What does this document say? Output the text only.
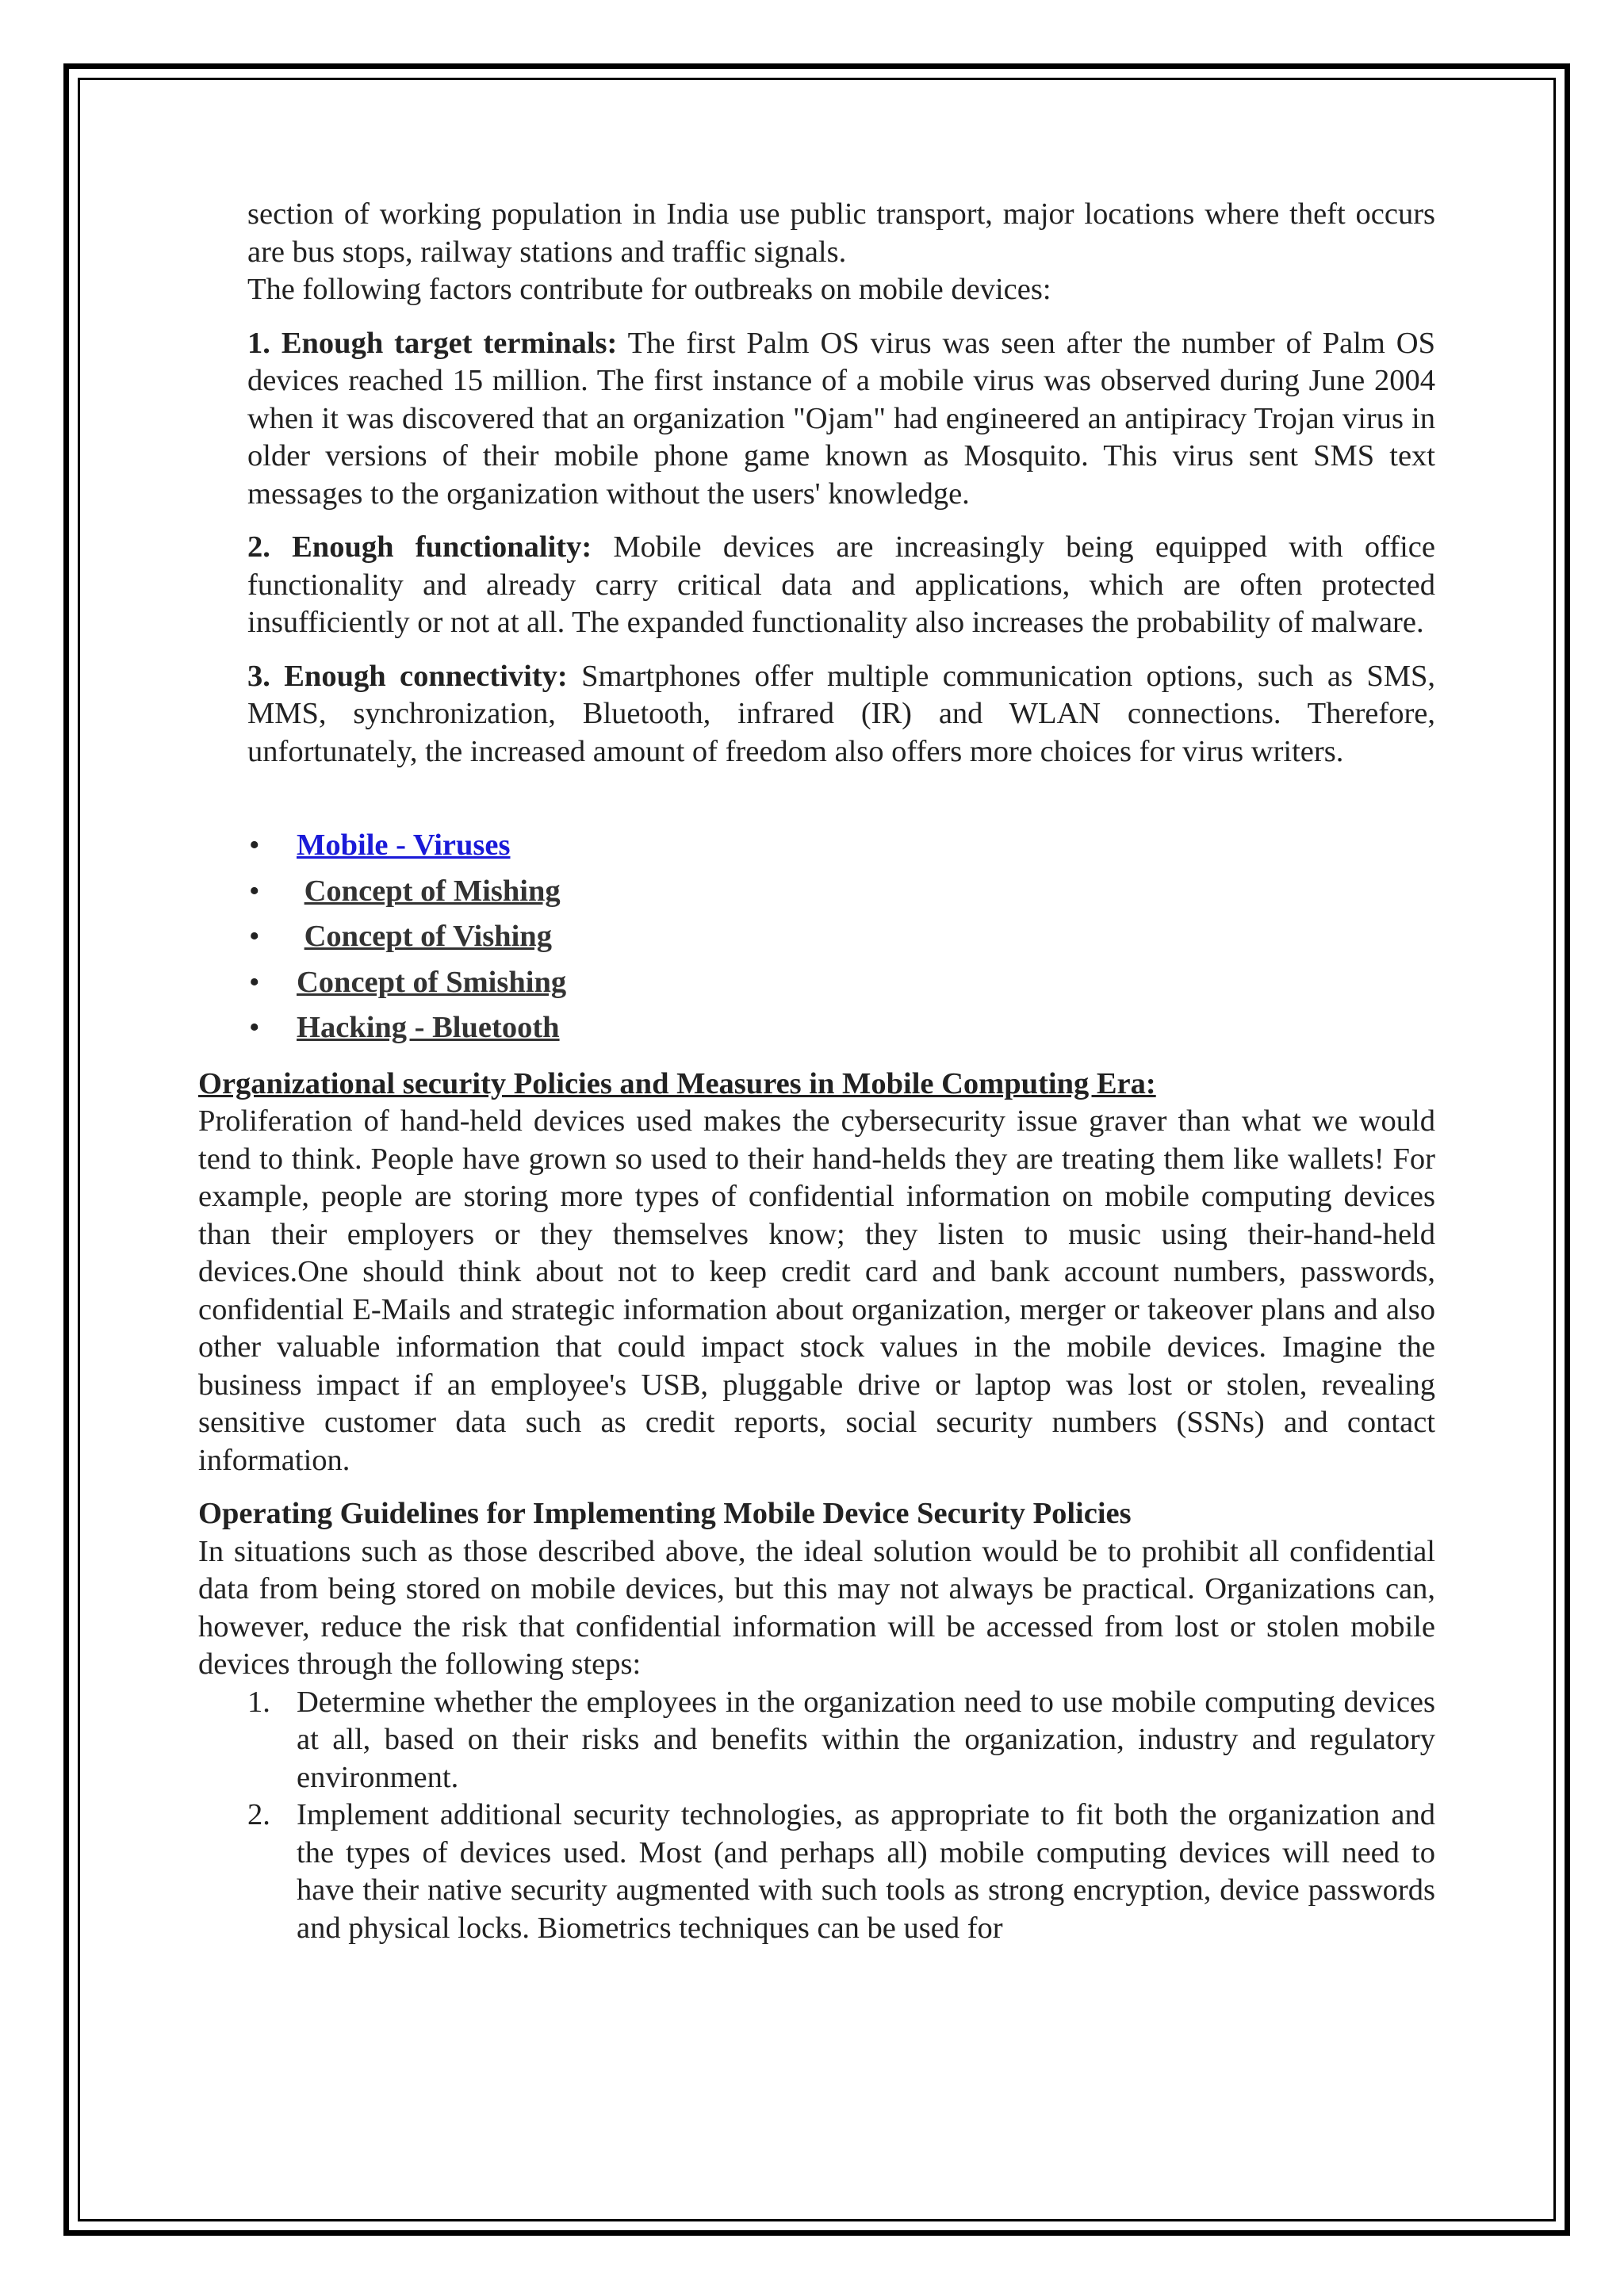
section of working population in India use public transport, major locations where theft occurs are bus stops, railway stations and traffic signals.

The following factors contribute for outbreaks on mobile devices:

1. Enough target terminals: The first Palm OS virus was seen after the number of Palm OS devices reached 15 million. The first instance of a mobile virus was observed during June 2004 when it was discovered that an organization "Ojam" had engineered an antipiracy Trojan virus in older versions of their mobile phone game known as Mosquito. This virus sent SMS text messages to the organization without the users' knowledge.

2. Enough functionality: Mobile devices are increasingly being equipped with office functionality and already carry critical data and applications, which are often protected insufficiently or not at all. The expanded functionality also increases the probability of malware.

3. Enough connectivity: Smartphones offer multiple communication options, such as SMS, MMS, synchronization, Bluetooth, infrared (IR) and WLAN connections. Therefore, unfortunately, the increased amount of freedom also offers more choices for virus writers.

• Mobile - Viruses
• Concept of Mishing
• Concept of Vishing
• Concept of Smishing
• Hacking - Bluetooth
Organizational security Policies and Measures in Mobile Computing Era:

Proliferation of hand-held devices used makes the cybersecurity issue graver than what we would tend to think. People have grown so used to their hand-helds they are treating them like wallets! For example, people are storing more types of confidential information on mobile computing devices than their employers or they themselves know; they listen to music using their-hand-held devices.One should think about not to keep credit card and bank account numbers, passwords, confidential E-Mails and strategic information about organization, merger or takeover plans and also other valuable information that could impact stock values in the mobile devices. Imagine the business impact if an employee's USB, pluggable drive or laptop was lost or stolen, revealing sensitive customer data such as credit reports, social security numbers (SSNs) and contact information.

Operating Guidelines for Implementing Mobile Device Security Policies

In situations such as those described above, the ideal solution would be to prohibit all confidential data from being stored on mobile devices, but this may not always be practical. Organizations can, however, reduce the risk that confidential information will be accessed from lost or stolen mobile devices through the following steps:

1. Determine whether the employees in the organization need to use mobile computing devices at all, based on their risks and benefits within the organization, industry and regulatory environment.
2. Implement additional security technologies, as appropriate to fit both the organization and the types of devices used. Most (and perhaps all) mobile computing devices will need to have their native security augmented with such tools as strong encryption, device passwords and physical locks. Biometrics techniques can be used for
